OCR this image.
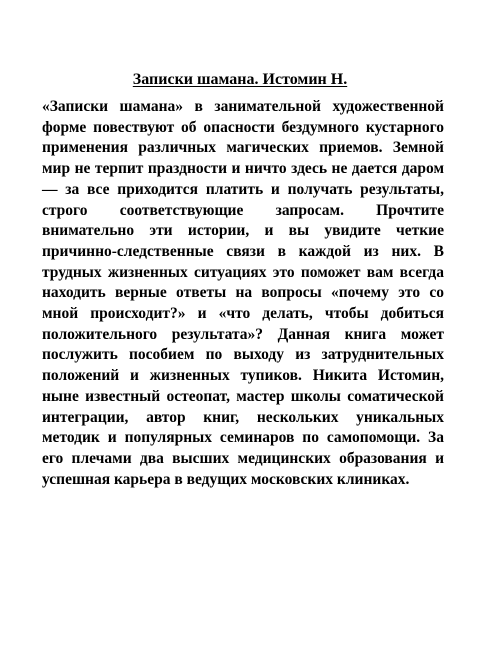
Записки шамана. Истомин Н.

«Записки шамана» в занимательной художественной форме повествуют об опасности бездумного кустарного применения различных магических приемов. Земной мир не терпит праздности и ничто здесь не дается даром — за все приходится платить и получать результаты, строго соответствующие запросам. Прочтите внимательно эти истории, и вы увидите четкие причинно-следственные связи в каждой из них. В трудных жизненных ситуациях это поможет вам всегда находить верные ответы на вопросы «почему это со мной происходит?» и «что делать, чтобы добиться положительного результата»? Данная книга может послужить пособием по выходу из затруднительных положений и жизненных тупиков. Никита Истомин, ныне известный остеопат, мастер школы соматической интеграции, автор книг, нескольких уникальных методик и популярных семинаров по самопомощи. За его плечами два высших медицинских образования и успешная карьера в ведущих московских клиниках.
